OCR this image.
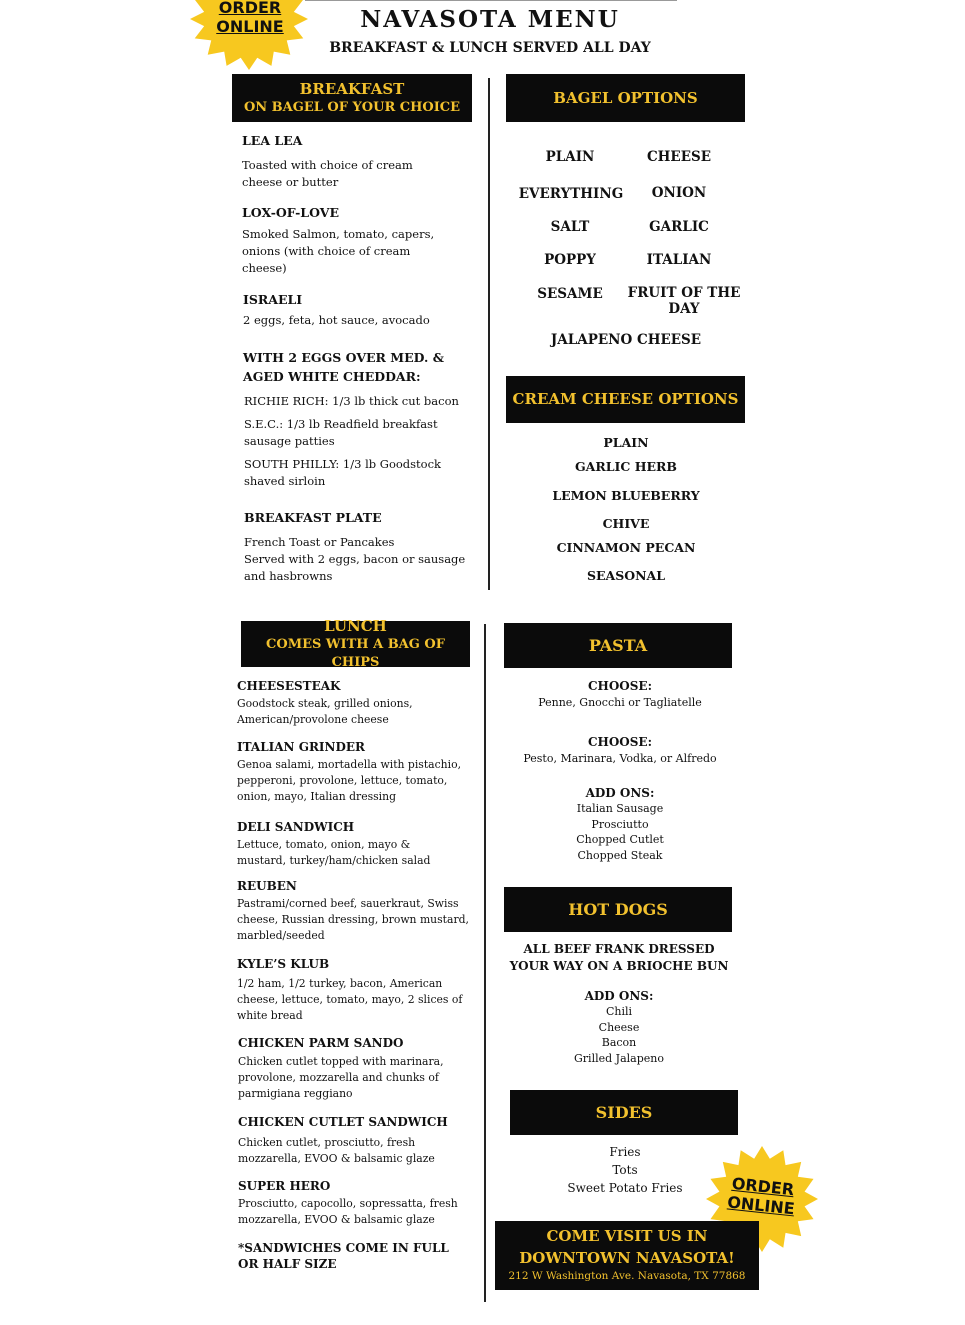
NAVASOTA MENU
BREAKFAST & LUNCH SERVED ALL DAY
ORDER
ONLINE
BREAKFAST
ON BAGEL OF YOUR CHOICE
LEA LEA
Toasted with choice of cream cheese or butter
LOX-OF-LOVE
Smoked Salmon, tomato, capers, onions (with choice of cream cheese)
ISRAELI
2 eggs, feta, hot sauce, avocado
WITH 2 EGGS OVER MED. & AGED WHITE CHEDDAR:
RICHIE RICH: 1/3 lb thick cut bacon
S.E.C.: 1/3 lb Readfield breakfast sausage patties
SOUTH PHILLY: 1/3 lb Goodstock shaved sirloin
BREAKFAST PLATE
French Toast or Pancakes
Served with 2 eggs, bacon or sausage and hasbrowns
BAGEL OPTIONS
PLAIN	CHEESE
EVERYTHING	ONION
SALT	GARLIC
POPPY	ITALIAN
SESAME	FRUIT OF THE DAY
JALAPENO CHEESE
CREAM CHEESE OPTIONS
PLAIN
GARLIC HERB
LEMON BLUEBERRY
CHIVE
CINNAMON PECAN
SEASONAL
LUNCH
COMES WITH A BAG OF CHIPS
CHEESESTEAK
Goodstock steak, grilled onions, American/provolone cheese
ITALIAN GRINDER
Genoa salami, mortadella with pistachio, pepperoni, provolone, lettuce, tomato, onion, mayo, Italian dressing
DELI SANDWICH
Lettuce, tomato, onion, mayo & mustard, turkey/ham/chicken salad
REUBEN
Pastrami/corned beef, sauerkraut, Swiss cheese, Russian dressing, brown mustard, marbled/seeded
KYLE’S KLUB
1/2 ham, 1/2 turkey, bacon, American cheese, lettuce, tomato, mayo, 2 slices of white bread
CHICKEN PARM SANDO
Chicken cutlet topped with marinara, provolone, mozzarella and chunks of parmigiana reggiano
CHICKEN CUTLET SANDWICH
Chicken cutlet, prosciutto, fresh mozzarella, EVOO & balsamic glaze
SUPER HERO
Prosciutto, capocollo, sopressatta, fresh mozzarella, EVOO & balsamic glaze
*SANDWICHES COME IN FULL OR HALF SIZE
PASTA
CHOOSE:
Penne, Gnocchi or Tagliatelle
CHOOSE:
Pesto, Marinara, Vodka, or Alfredo
ADD ONS:
Italian Sausage
Prosciutto
Chopped Cutlet
Chopped Steak
HOT DOGS
ALL BEEF FRANK DRESSED YOUR WAY ON A BRIOCHE BUN
ADD ONS:
Chili
Cheese
Bacon
Grilled Jalapeno
SIDES
Fries
Tots
Sweet Potato Fries	ORDER
ONLINE
COME VISIT US IN
DOWNTOWN NAVASOTA!
212 W Washington Ave. Navasota, TX 77868
